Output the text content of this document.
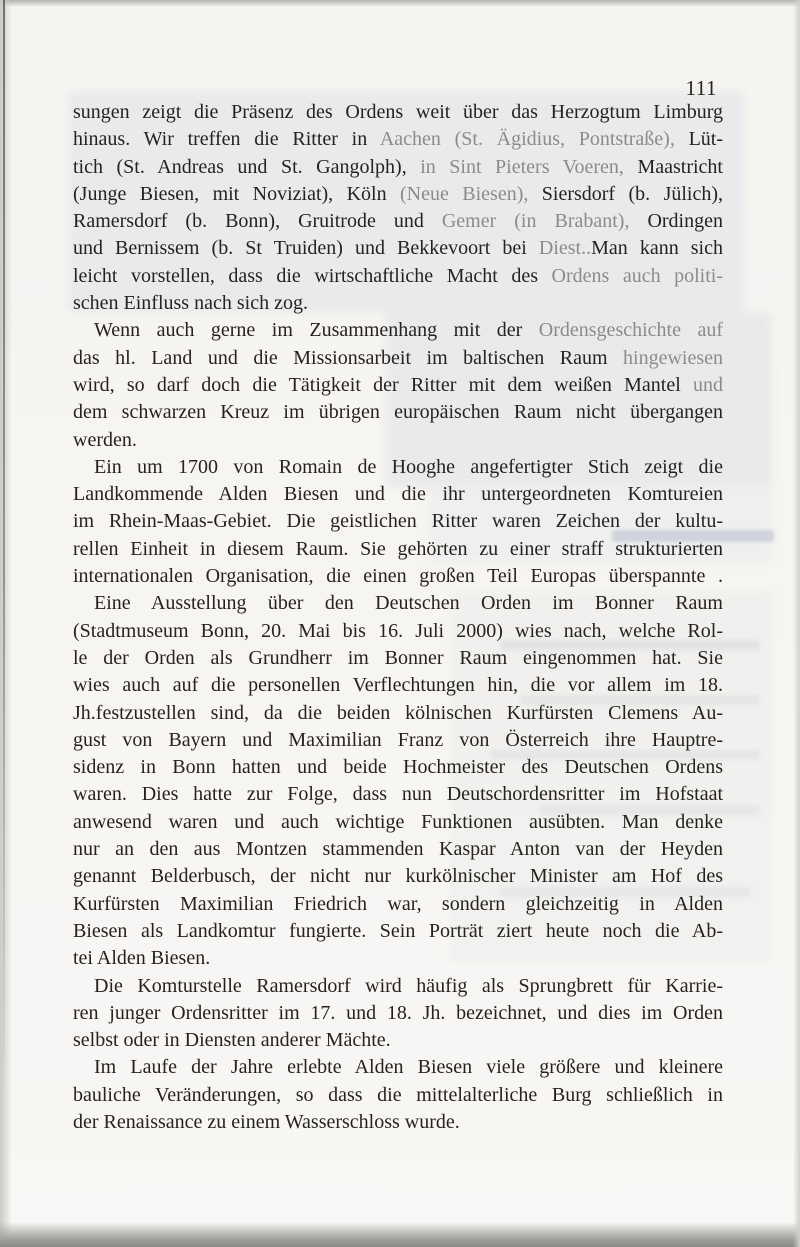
111
sungen zeigt die Präsenz des Ordens weit über das Herzogtum Limburg
hinaus. Wir treffen die Ritter in Aachen (St. Ägidius, Pontstraße), Lüt-
tich (St. Andreas und St. Gangolph), in Sint Pieters Voeren, Maastricht
(Junge Biesen, mit Noviziat), Köln (Neue Biesen), Siersdorf (b. Jülich),
Ramersdorf (b. Bonn), Gruitrode und Gemer (in Brabant), Ordingen
und Bernissem (b. St Truiden) und Bekkevoort bei Diest..Man kann sich
leicht vorstellen, dass die wirtschaftliche Macht des Ordens auch politi-
schen Einfluss nach sich zog.
Wenn auch gerne im Zusammenhang mit der Ordensgeschichte auf
das hl. Land und die Missionsarbeit im baltischen Raum hingewiesen
wird, so darf doch die Tätigkeit der Ritter mit dem weißen Mantel und
dem schwarzen Kreuz im übrigen europäischen Raum nicht übergangen
werden.
Ein um 1700 von Romain de Hooghe angefertigter Stich zeigt die
Landkommende Alden Biesen und die ihr untergeordneten Komtureien
im Rhein-Maas-Gebiet. Die geistlichen Ritter waren Zeichen der kultu-
rellen Einheit in diesem Raum. Sie gehörten zu einer straff strukturierten
internationalen Organisation, die einen großen Teil Europas überspannte .
Eine Ausstellung über den Deutschen Orden im Bonner Raum
(Stadtmuseum Bonn, 20. Mai bis 16. Juli 2000) wies nach, welche Rol-
le der Orden als Grundherr im Bonner Raum eingenommen hat. Sie
wies auch auf die personellen Verflechtungen hin, die vor allem im 18.
Jh.festzustellen sind, da die beiden kölnischen Kurfürsten Clemens Au-
gust von Bayern und Maximilian Franz von Österreich ihre Hauptre-
sidenz in Bonn hatten und beide Hochmeister des Deutschen Ordens
waren. Dies hatte zur Folge, dass nun Deutschordensritter im Hofstaat
anwesend waren und auch wichtige Funktionen ausübten. Man denke
nur an den aus Montzen stammenden Kaspar Anton van der Heyden
genannt Belderbusch, der nicht nur kurkölnischer Minister am Hof des
Kurfürsten Maximilian Friedrich war, sondern gleichzeitig in Alden
Biesen als Landkomtur fungierte. Sein Porträt ziert heute noch die Ab-
tei Alden Biesen.
Die Komturstelle Ramersdorf wird häufig als Sprungbrett für Karrie-
ren junger Ordensritter im 17. und 18. Jh. bezeichnet, und dies im Orden
selbst oder in Diensten anderer Mächte.
Im Laufe der Jahre erlebte Alden Biesen viele größere und kleinere
bauliche Veränderungen, so dass die mittelalterliche Burg schließlich in
der Renaissance zu einem Wasserschloss wurde.
